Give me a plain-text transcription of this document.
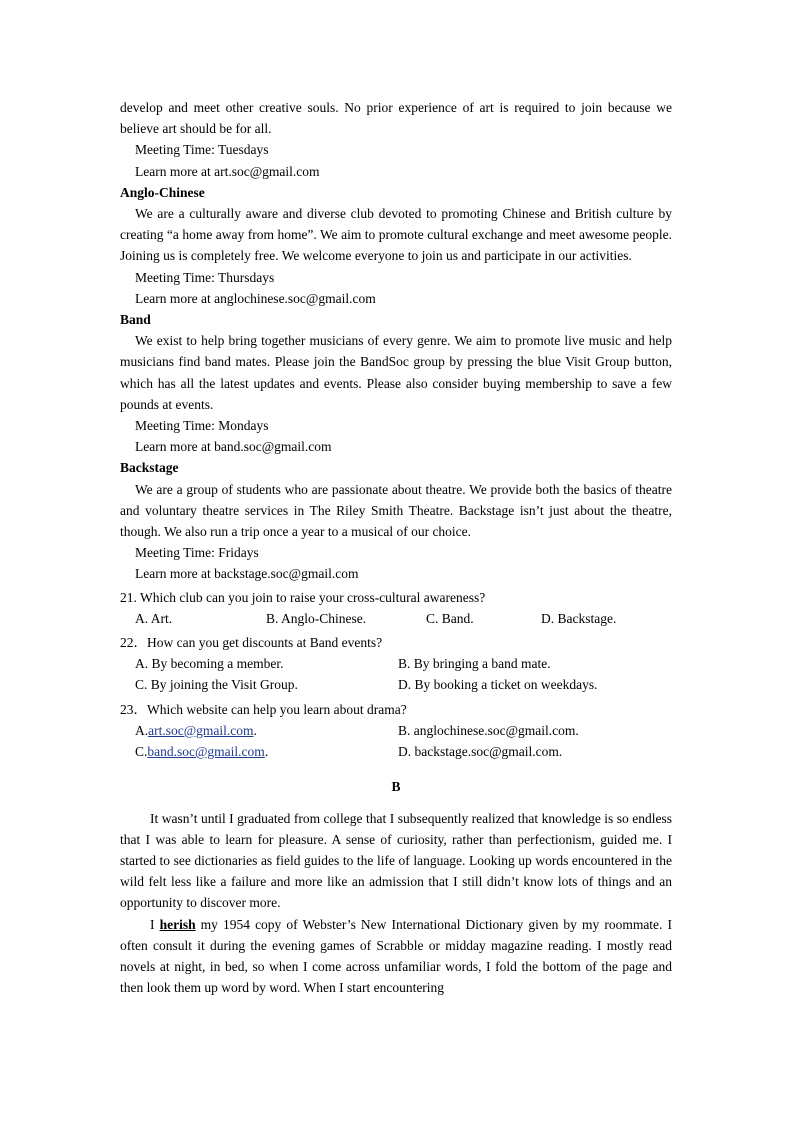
develop and meet other creative souls. No prior experience of art is required to join because we believe art should be for all.

Meeting Time: Tuesdays

Learn more at art.soc@gmail.com

Anglo-Chinese

We are a culturally aware and diverse club devoted to promoting Chinese and British culture by creating “a home away from home”. We aim to promote cultural exchange and meet awesome people. Joining us is completely free. We welcome everyone to join us and participate in our activities.

Meeting Time: Thursdays

Learn more at anglochinese.soc@gmail.com

Band

We exist to help bring together musicians of every genre. We aim to promote live music and help musicians find band mates. Please join the BandSoc group by pressing the blue Visit Group button, which has all the latest updates and events. Please also consider buying membership to save a few pounds at events.

Meeting Time: Mondays

Learn more at band.soc@gmail.com

Backstage

We are a group of students who are passionate about theatre. We provide both the basics of theatre and voluntary theatre services in The Riley Smith Theatre. Backstage isn’t just about the theatre, though. We also run a trip once a year to a musical of our choice.

Meeting Time: Fridays

Learn more at backstage.soc@gmail.com

21. Which club can you join to raise your cross-cultural awareness?

A. Art.	B. Anglo-Chinese.	C. Band.	D. Backstage.

22．How can you get discounts at Band events?

A. By becoming a member.	B. By bringing a band mate.
C. By joining the Visit Group.	D. By booking a ticket on weekdays.

23．Which website can help you learn about drama?

A.art.soc@gmail.com.	B. anglochinese.soc@gmail.com.
C.band.soc@gmail.com.	D. backstage.soc@gmail.com.

B

It wasn’t until I graduated from college that I subsequently realized that knowledge is so endless that I was able to learn for pleasure. A sense of curiosity, rather than perfectionism, guided me. I started to see dictionaries as field guides to the life of language. Looking up words encountered in the wild felt less like a failure and more like an admission that I still didn’t know lots of things and an opportunity to discover more.

I herish my 1954 copy of Webster’s New International Dictionary given by my roommate. I often consult it during the evening games of Scrabble or midday magazine reading. I mostly read novels at night, in bed, so when I come across unfamiliar words, I fold the bottom of the page and then look them up word by word. When I start encountering
